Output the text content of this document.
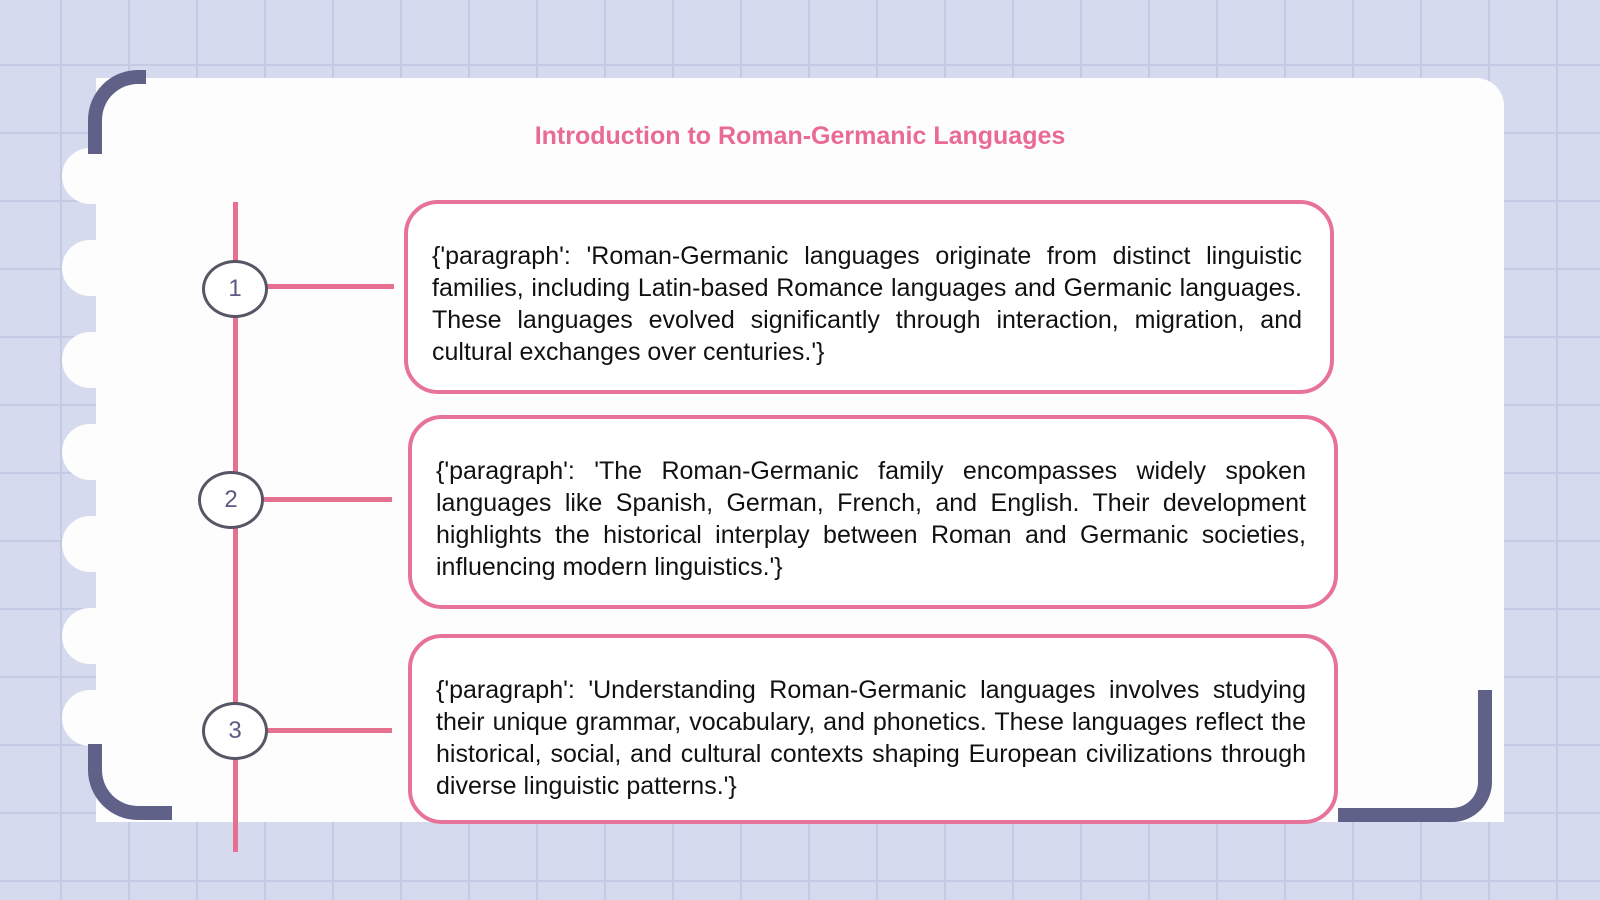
Introduction to Roman-Germanic Languages
1
2
3
{'paragraph': 'Roman-Germanic languages originate from distinct linguistic families, including Latin-based Romance languages and Germanic languages. These languages evolved significantly through interaction, migration, and cultural exchanges over centuries.'}
{'paragraph': 'The Roman-Germanic family encompasses widely spoken languages like Spanish, German, French, and English. Their development highlights the historical interplay between Roman and Germanic societies, influencing modern linguistics.'}
{'paragraph': 'Understanding Roman-Germanic languages involves studying their unique grammar, vocabulary, and phonetics. These languages reflect the historical, social, and cultural contexts shaping European civilizations through diverse linguistic patterns.'}
